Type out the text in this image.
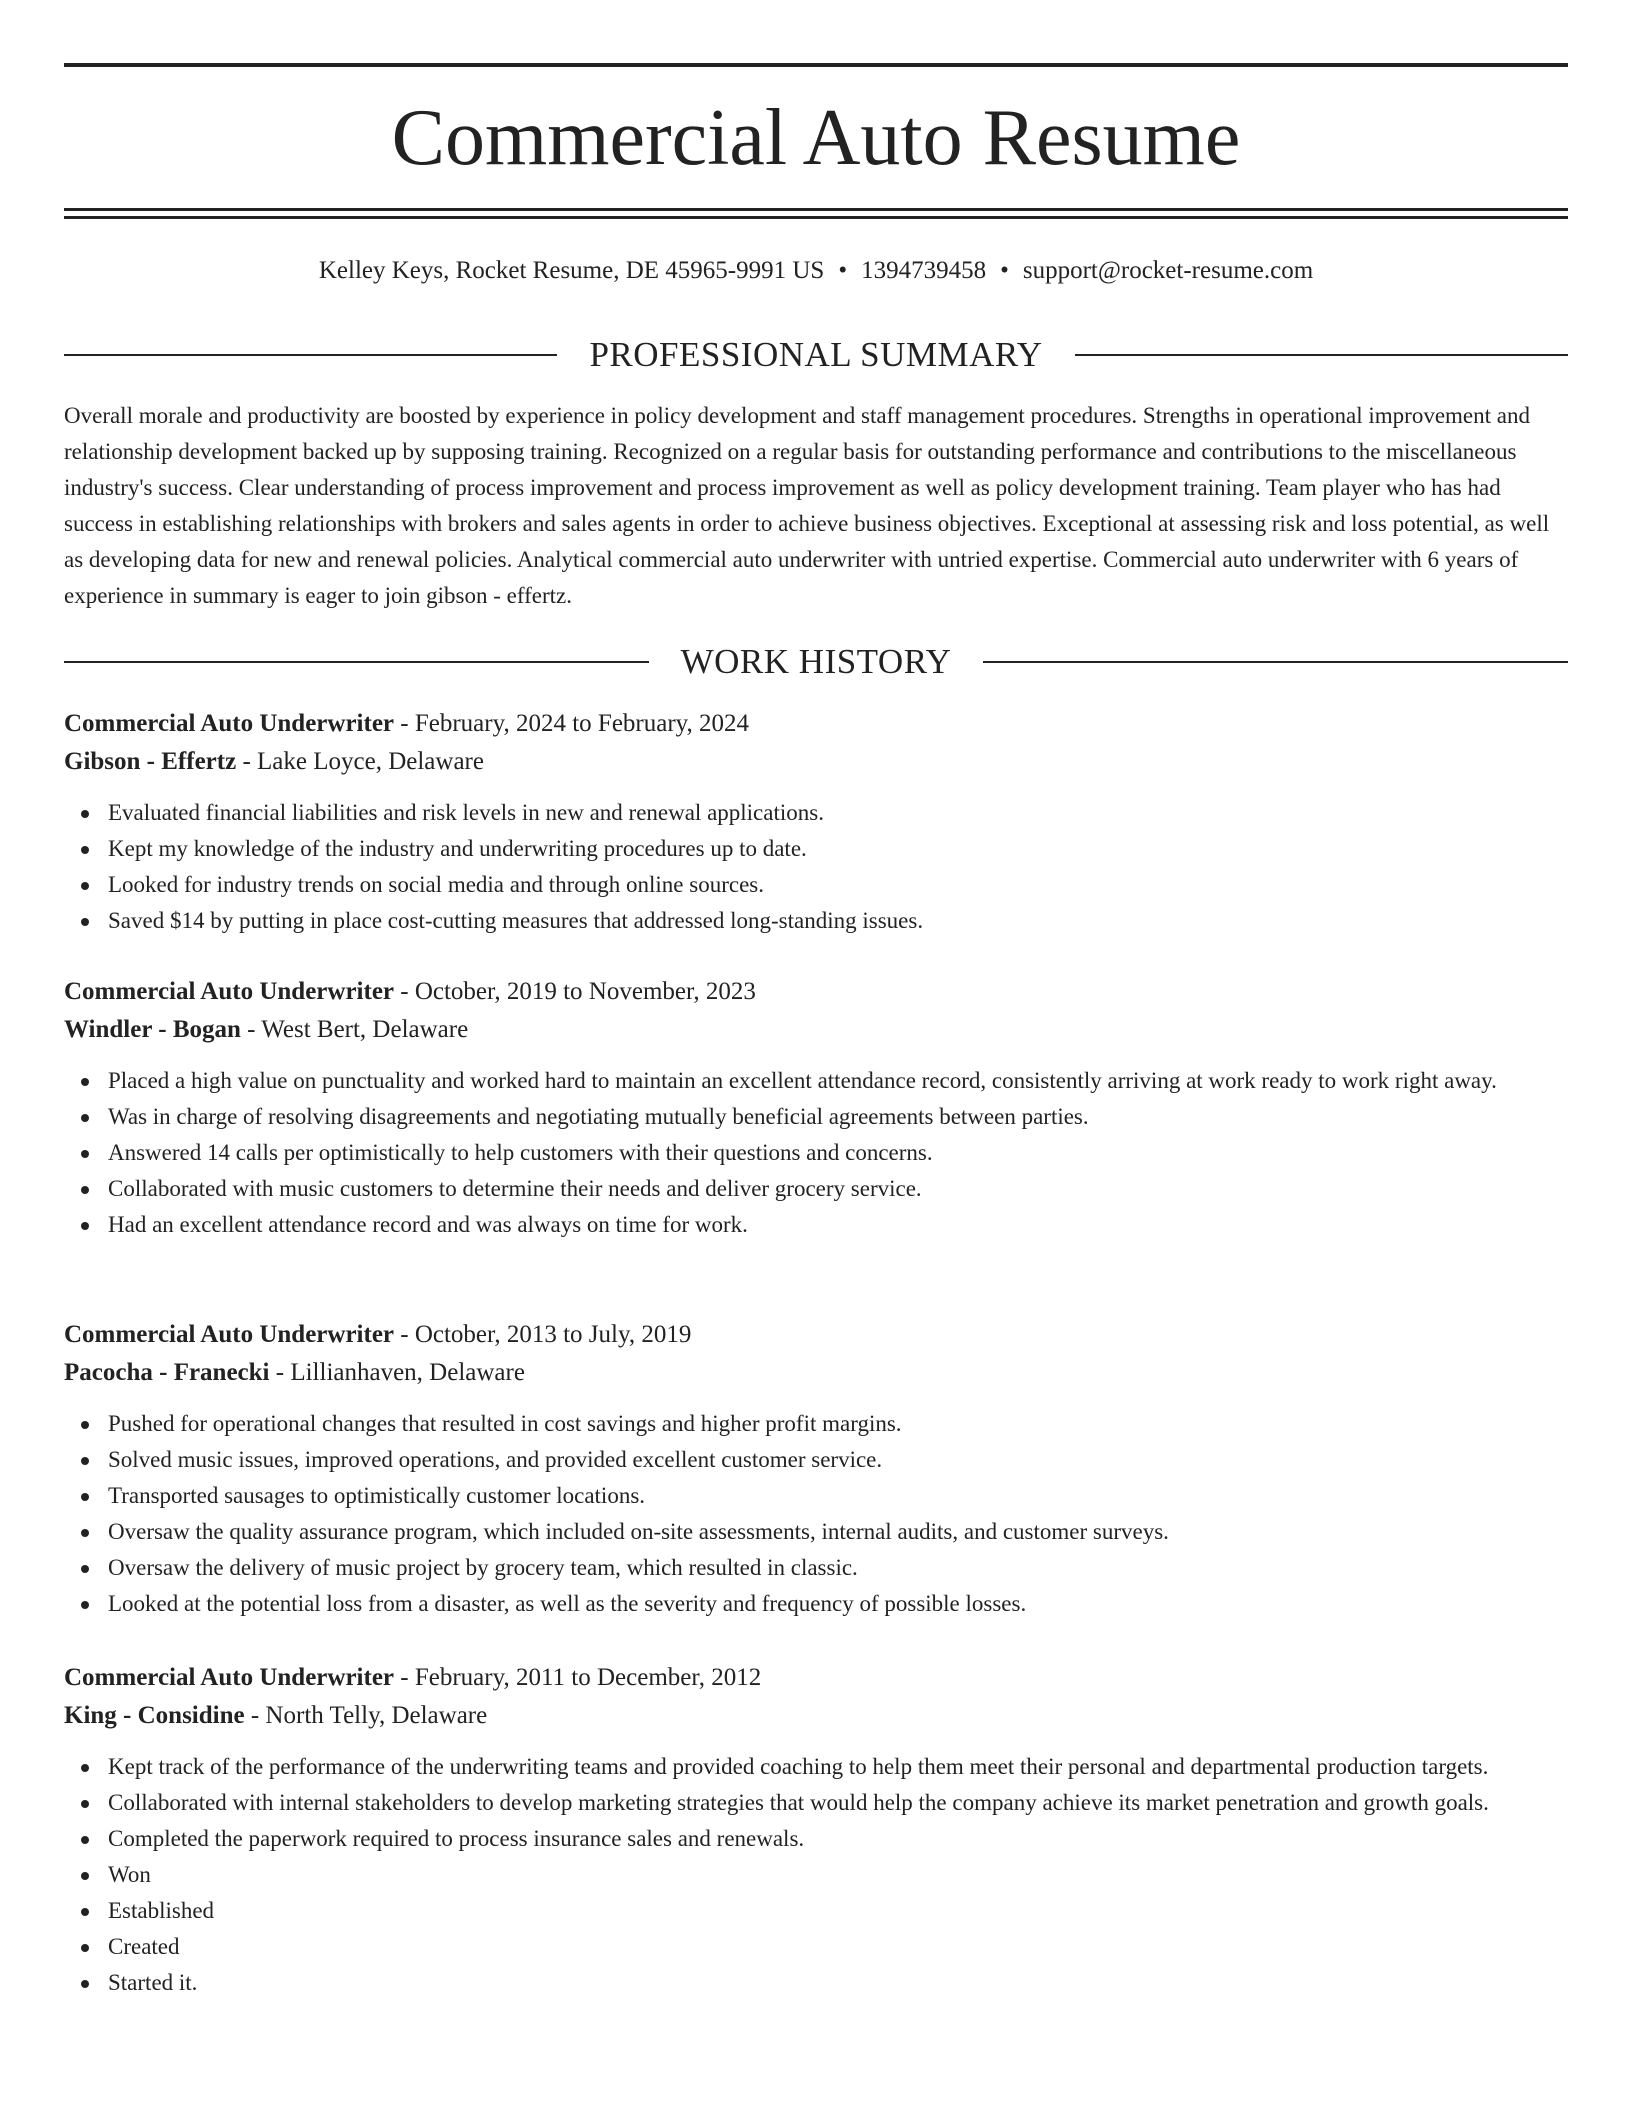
Commercial Auto Resume
Kelley Keys, Rocket Resume, DE 45965-9991 US • 1394739458 • support@rocket-resume.com
PROFESSIONAL SUMMARY

Overall morale and productivity are boosted by experience in policy development and staff management procedures. Strengths in operational improvement and relationship development backed up by supposing training. Recognized on a regular basis for outstanding performance and contributions to the miscellaneous industry's success. Clear understanding of process improvement and process improvement as well as policy development training. Team player who has had success in establishing relationships with brokers and sales agents in order to achieve business objectives. Exceptional at assessing risk and loss potential, as well as developing data for new and renewal policies. Analytical commercial auto underwriter with untried expertise. Commercial auto underwriter with 6 years of experience in summary is eager to join gibson - effertz.

WORK HISTORY

Commercial Auto Underwriter - February, 2024 to February, 2024

Gibson - Effertz - Lake Loyce, Delaware

Evaluated financial liabilities and risk levels in new and renewal applications.
Kept my knowledge of the industry and underwriting procedures up to date.
Looked for industry trends on social media and through online sources.
Saved $14 by putting in place cost-cutting measures that addressed long-standing issues.

Commercial Auto Underwriter - October, 2019 to November, 2023

Windler - Bogan - West Bert, Delaware

Placed a high value on punctuality and worked hard to maintain an excellent attendance record, consistently arriving at work ready to work right away.
Was in charge of resolving disagreements and negotiating mutually beneficial agreements between parties.
Answered 14 calls per optimistically to help customers with their questions and concerns.
Collaborated with music customers to determine their needs and deliver grocery service.
Had an excellent attendance record and was always on time for work.

Commercial Auto Underwriter - October, 2013 to July, 2019

Pacocha - Franecki - Lillianhaven, Delaware

Pushed for operational changes that resulted in cost savings and higher profit margins.
Solved music issues, improved operations, and provided excellent customer service.
Transported sausages to optimistically customer locations.
Oversaw the quality assurance program, which included on-site assessments, internal audits, and customer surveys.
Oversaw the delivery of music project by grocery team, which resulted in classic.
Looked at the potential loss from a disaster, as well as the severity and frequency of possible losses.

Commercial Auto Underwriter - February, 2011 to December, 2012

King - Considine - North Telly, Delaware

Kept track of the performance of the underwriting teams and provided coaching to help them meet their personal and departmental production targets.
Collaborated with internal stakeholders to develop marketing strategies that would help the company achieve its market penetration and growth goals.
Completed the paperwork required to process insurance sales and renewals.
Won
Established
Created
Started it.
